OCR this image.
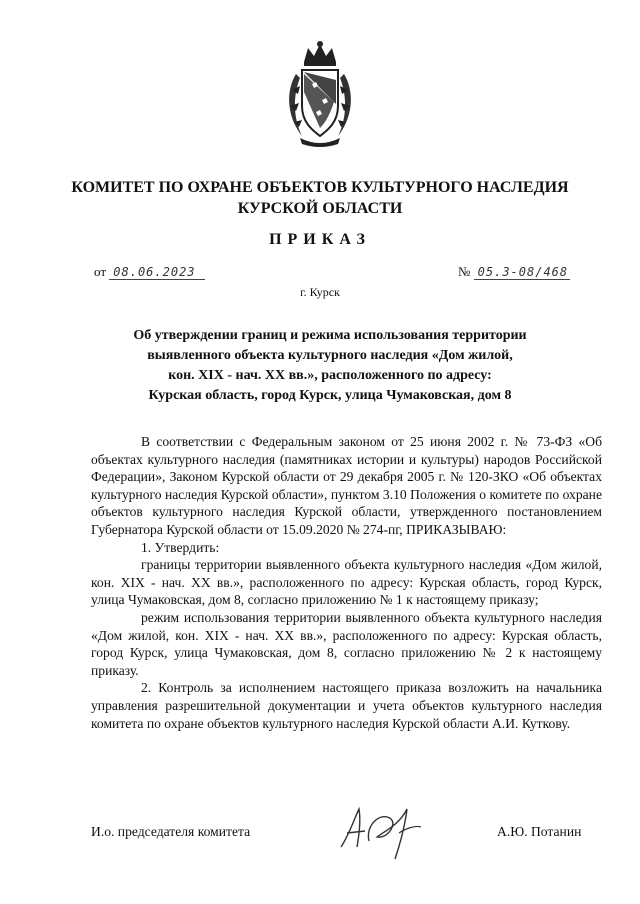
КОМИТЕТ ПО ОХРАНЕ ОБЪЕКТОВ КУЛЬТУРНОГО НАСЛЕДИЯ
КУРСКОЙ ОБЛАСТИ
ПРИКАЗ
от 08.06.2023	№ 05.3-08/468
г. Курск
Об утверждении границ и режима использования территории
выявленного объекта культурного наследия «Дом жилой,
кон. XIX - нач. XX вв.», расположенного по адресу:
Курская область, город Курск, улица Чумаковская, дом 8

В соответствии с Федеральным законом от 25 июня 2002 г. № 73-ФЗ «Об объектах культурного наследия (памятниках истории и культуры) народов Российской Федерации», Законом Курской области от 29 декабря 2005 г. № 120-ЗКО «Об объектах культурного наследия Курской области», пунктом 3.10 Положения о комитете по охране объектов культурного наследия Курской области, утвержденного постановлением Губернатора Курской области от 15.09.2020 № 274-пг, ПРИКАЗЫВАЮ:

1. Утвердить:

границы территории выявленного объекта культурного наследия «Дом жилой, кон. XIX - нач. XX вв.», расположенного по адресу: Курская область, город Курск, улица Чумаковская, дом 8, согласно приложению № 1 к настоящему приказу;

режим использования территории выявленного объекта культурного наследия «Дом жилой, кон. XIX - нач. XX вв.», расположенного по адресу: Курская область, город Курск, улица Чумаковская, дом 8, согласно приложению № 2 к настоящему приказу.

2. Контроль за исполнением настоящего приказа возложить на начальника управления разрешительной документации и учета объектов культурного наследия комитета по охране объектов культурного наследия Курской области А.И. Куткову.

И.о. председателя комитета	А.Ю. Потанин
